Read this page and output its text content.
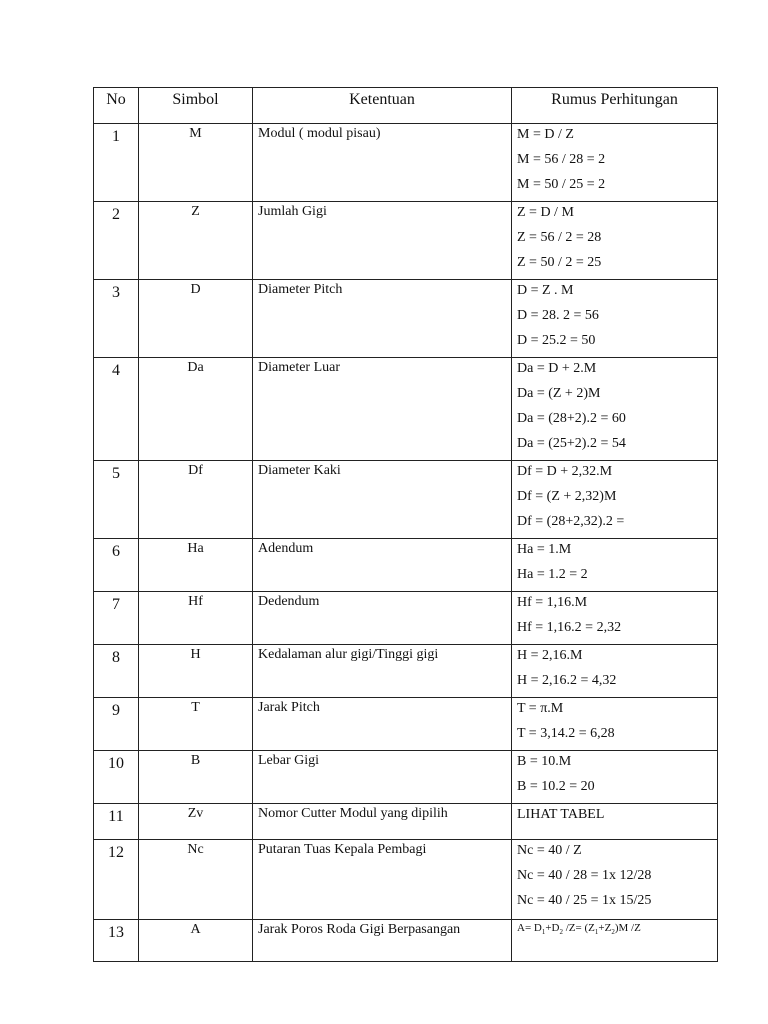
No	Simbol	Ketentuan	Rumus Perhitungan
1	M	Modul ( modul pisau)	M = D / Z
M = 56 / 28 = 2
M = 50 / 25 = 2

2	Z	Jumlah Gigi	Z = D / M
Z = 56 / 2 = 28
Z = 50 / 2 = 25

3	D	Diameter Pitch	D = Z . M
D = 28. 2 = 56
D = 25.2 = 50

4	Da	Diameter Luar	Da = D + 2.M
Da = (Z + 2)M
Da = (28+2).2 = 60
Da = (25+2).2 = 54

5	Df	Diameter Kaki	Df = D + 2,32.M
Df = (Z + 2,32)M
Df = (28+2,32).2 =

6	Ha	Adendum	Ha = 1.M
Ha = 1.2 = 2

7	Hf	Dedendum	Hf = 1,16.M
Hf = 1,16.2 = 2,32

8	H	Kedalaman alur gigi/Tinggi gigi	H = 2,16.M
H = 2,16.2 = 4,32

9	T	Jarak Pitch	T = π.M
T = 3,14.2 = 6,28

10	B	Lebar Gigi	B = 10.M
B = 10.2 = 20

11	Zv	Nomor Cutter Modul yang dipilih	LIHAT TABEL

12	Nc	Putaran Tuas Kepala Pembagi	Nc = 40 / Z
Nc = 40 / 28 = 1x 12/28
Nc = 40 / 25 = 1x 15/25

13	A	Jarak Poros Roda Gigi Berpasangan	$A= D_1+D_2$ $/Z= (Z_1+Z_2)M$ /Z
